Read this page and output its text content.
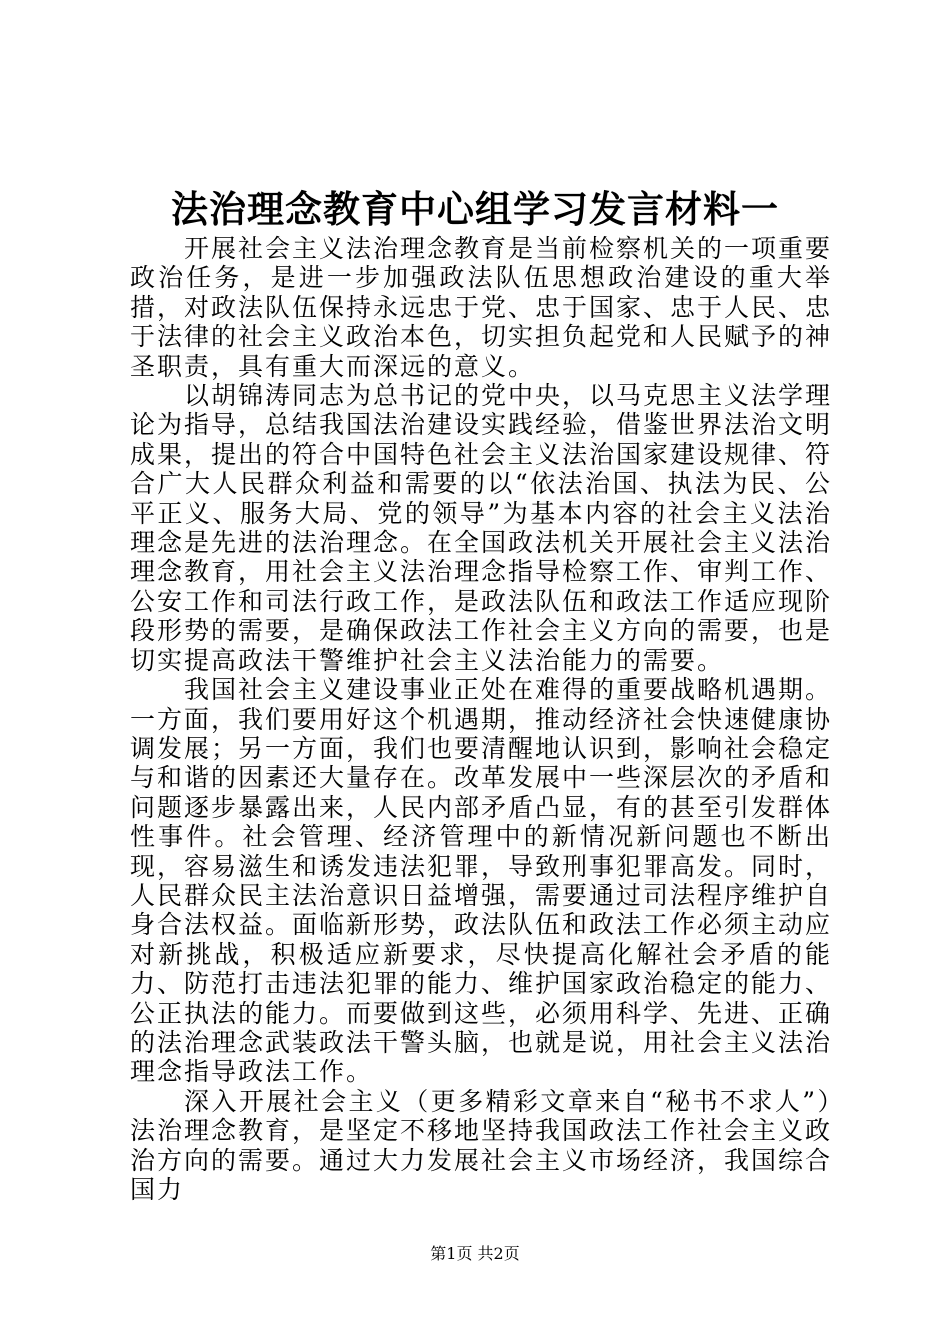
法治理念教育中心组学习发言材料一

开展社会主义法治理念教育是当前检察机关的一项重要政治任务，是进一步加强政法队伍思想政治建设的重大举措，对政法队伍保持永远忠于党、忠于国家、忠于人民、忠于法律的社会主义政治本色，切实担负起党和人民赋予的神圣职责，具有重大而深远的意义。

以胡锦涛同志为总书记的党中央，以马克思主义法学理论为指导，总结我国法治建设实践经验，借鉴世界法治文明成果，提出的符合中国特色社会主义法治国家建设规律、符合广大人民群众利益和需要的以“依法治国、执法为民、公平正义、服务大局、党的领导”为基本内容的社会主义法治理念是先进的法治理念。在全国政法机关开展社会主义法治理念教育，用社会主义法治理念指导检察工作、审判工作、公安工作和司法行政工作，是政法队伍和政法工作适应现阶段形势的需要，是确保政法工作社会主义方向的需要，也是切实提高政法干警维护社会主义法治能力的需要。

我国社会主义建设事业正处在难得的重要战略机遇期。一方面，我们要用好这个机遇期，推动经济社会快速健康协调发展；另一方面，我们也要清醒地认识到，影响社会稳定与和谐的因素还大量存在。改革发展中一些深层次的矛盾和问题逐步暴露出来，人民内部矛盾凸显，有的甚至引发群体性事件。社会管理、经济管理中的新情况新问题也不断出现，容易滋生和诱发违法犯罪，导致刑事犯罪高发。同时，人民群众民主法治意识日益增强，需要通过司法程序维护自身合法权益。面临新形势，政法队伍和政法工作必须主动应对新挑战，积极适应新要求，尽快提高化解社会矛盾的能力、防范打击违法犯罪的能力、维护国家政治稳定的能力、公正执法的能力。而要做到这些，必须用科学、先进、正确的法治理念武装政法干警头脑，也就是说，用社会主义法治理念指导政法工作。

深入开展社会主义（更多精彩文章来自“秘书不求人”）法治理念教育，是坚定不移地坚持我国政法工作社会主义政治方向的需要。通过大力发展社会主义市场经济，我国综合国力

第1页 共2页
